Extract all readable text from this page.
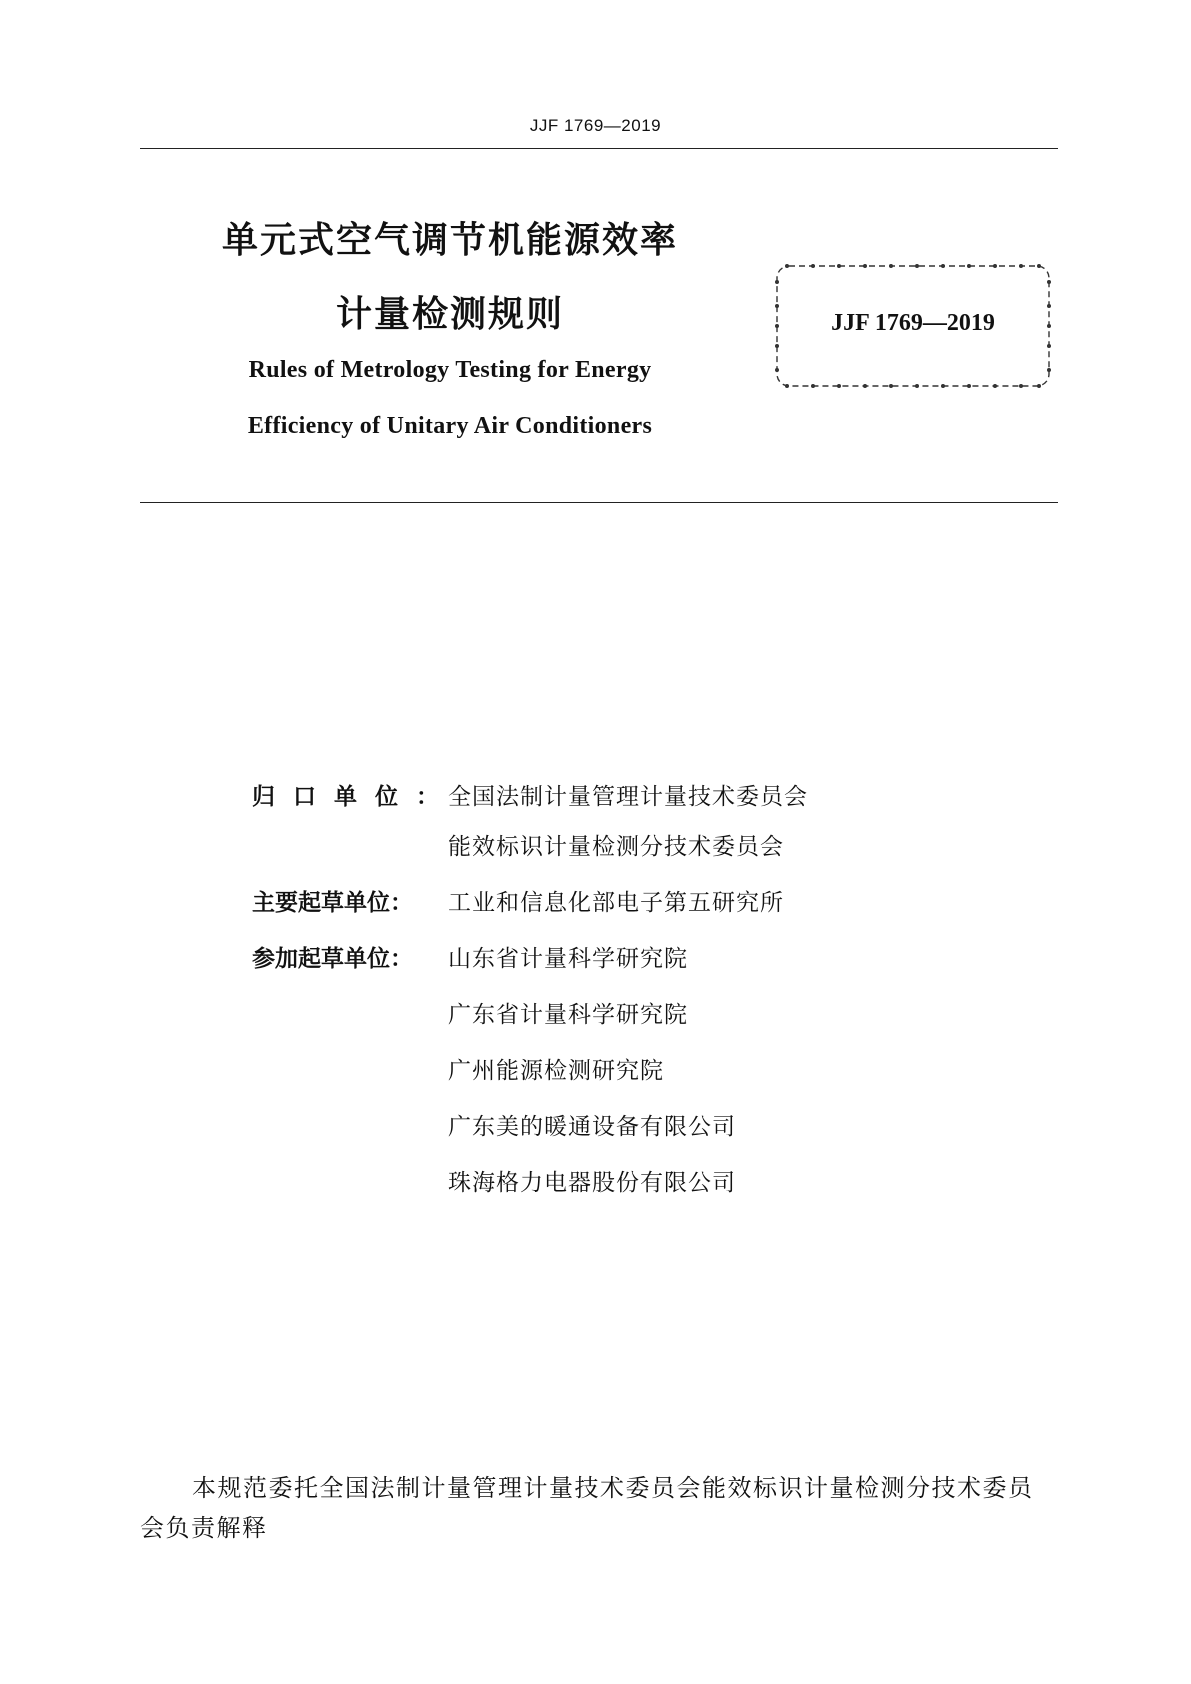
JJF 1769—2019
单元式空气调节机能源效率
计量检测规则
Rules of Metrology Testing for Energy
Efficiency of Unitary Air Conditioners
JJF 1769—2019
归口单位：
全国法制计量管理计量技术委员会
能效标识计量检测分技术委员会
主要起草单位：	工业和信息化部电子第五研究所
参加起草单位：	山东省计量科学研究院
广东省计量科学研究院
广州能源检测研究院
广东美的暖通设备有限公司
珠海格力电器股份有限公司
本规范委托全国法制计量管理计量技术委员会能效标识计量检测分技术委员会负责解释
